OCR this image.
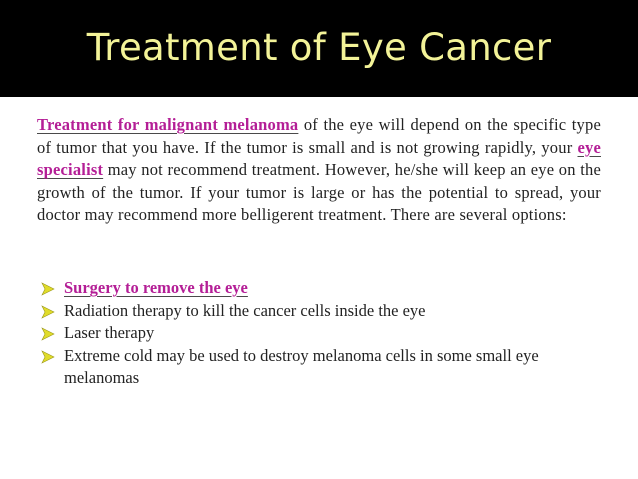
Treatment of Eye Cancer
Treatment for malignant melanoma of the eye will depend on the specific type of tumor that you have. If the tumor is small and is not growing rapidly, your eye specialist may not recommend treatment. However, he/she will keep an eye on the growth of the tumor. If your tumor is large or has the potential to spread, your doctor may recommend more belligerent treatment. There are several options:
Surgery to remove the eye
Radiation therapy to kill the cancer cells inside the eye
Laser therapy
Extreme cold may be used to destroy melanoma cells in some small eye melanomas
